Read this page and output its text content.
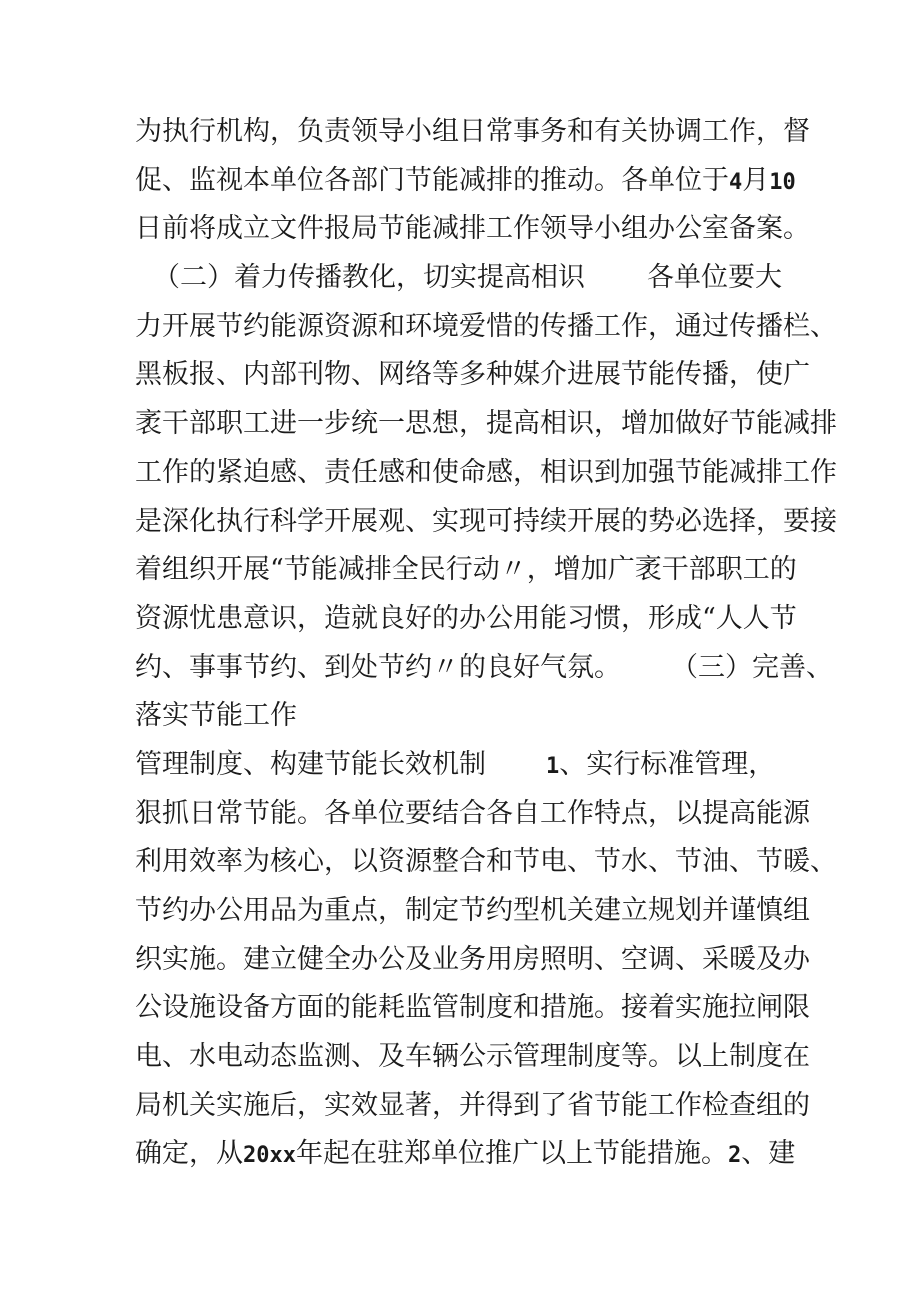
为执行机构，负责领导小组日常事务和有关协调工作，督
促、监视本单位各部门节能减排的推动。各单位于4月10
日前将成立文件报局节能减排工作领导小组办公室备案。
（二）着力传播教化，切实提高相识 各单位要大
力开展节约能源资源和环境爱惜的传播工作，通过传播栏、
黑板报、内部刊物、网络等多种媒介进展节能传播，使广
袤干部职工进一步统一思想，提高相识，增加做好节能减排
工作的紧迫感、责任感和使命感，相识到加强节能减排工作
是深化执行科学开展观、实现可持续开展的势必选择，要接
着组织开展“节能减排全民行动〃，增加广袤干部职工的
资源忧患意识，造就良好的办公用能习惯，形成“人人节
约、事事节约、到处节约〃的良好气氛。 （三）完善、
落实节能工作
管理制度、构建节能长效机制	1、实行标准管理，
狠抓日常节能。各单位要结合各自工作特点，以提高能源
利用效率为核心，以资源整合和节电、节水、节油、节暖、
节约办公用品为重点，制定节约型机关建立规划并谨慎组
织实施。建立健全办公及业务用房照明、空调、采暖及办
公设施设备方面的能耗监管制度和措施。接着实施拉闸限
电、水电动态监测、及车辆公示管理制度等。以上制度在
局机关实施后，实效显著，并得到了省节能工作检查组的
确定，从20xx年起在驻郑单位推广以上节能措施。2、建
